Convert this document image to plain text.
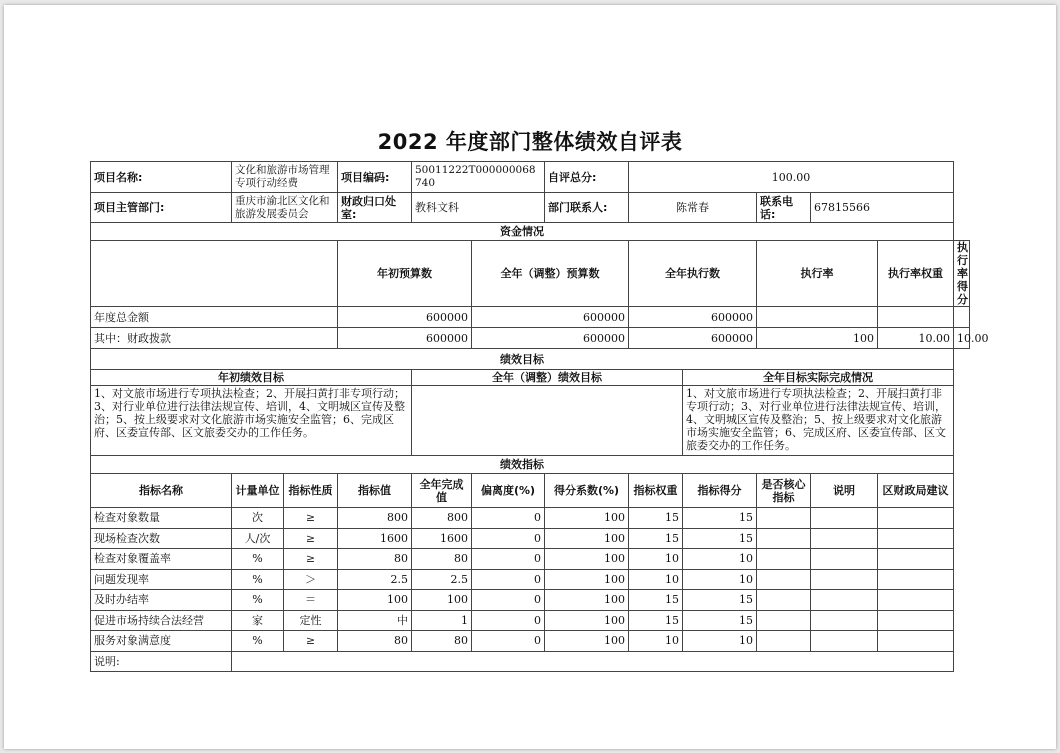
2022 年度部门整体绩效自评表
项目名称:	文化和旅游市场管理专项行动经费		项目编码:	50011222T000000068740		自评总分:	100.00					
项目主管部门:	重庆市渝北区文化和旅游发展委员会		财政归口处室:	教科文科		部门联系人:	陈常春		联系电话:	67815566		
资金情况												
			年初预算数		全年（调整）预算数		全年执行数		执行率		执行率权重	执行率得分
年度总金额			600000		600000		600000					
其中：财政拨款			600000		600000		600000		100		10.00	10.00
绩效目标												
年初绩效目标				全年（调整）绩效目标				全年目标实际完成情况				
1、对文旅市场进行专项执法检查；2、开展扫黄打非专项行动；3、对行业单位进行法律法规宣传、培训，4、文明城区宣传及整治；5、按上级要求对文化旅游市场实施安全监管；6、完成区府、区委宣传部、区文旅委交办的工作任务。								1、对文旅市场进行专项执法检查；2、开展扫黄打非专项行动；3、对行业单位进行法律法规宣传、培训，4、文明城区宣传及整治；5、按上级要求对文化旅游市场实施安全监管；6、完成区府、区委宣传部、区文旅委交办的工作任务。				
绩效指标												
指标名称	计量单位	指标性质	指标值	全年完成值	偏离度(%)	得分系数(%)	指标权重	指标得分	是否核心指标	说明	区财政局建议	
检查对象数量	次	≥	800	800	0	100	15	15				
现场检查次数	人/次	≥	1600	1600	0	100	15	15				
检查对象覆盖率	%	≥	80	80	0	100	10	10				
问题发现率	%	＞	2.5	2.5	0	100	10	10				
及时办结率	%	＝	100	100	0	100	15	15				
促进市场持续合法经营	家	定性	中	1	0	100	15	15				
服务对象满意度	%	≥	80	80	0	100	10	10				
说明:												
